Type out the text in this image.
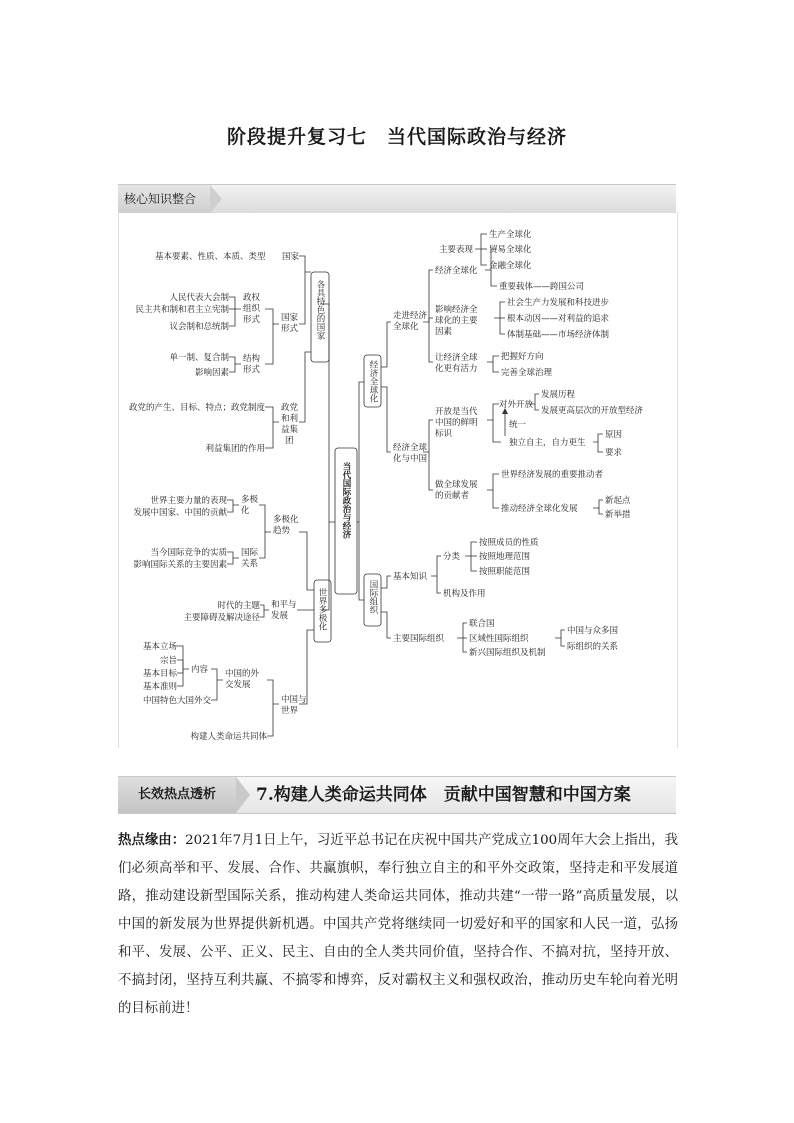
阶段提升复习七　当代国际政治与经济
核心知识整合
当代国际政治与经济
各具特色的国家
国家
基本要素、性质、本质、类型
国家形式
政权组织形式
人民代表大会制
民主共和制和君主立宪制
议会制和总统制
结构形式
单一制、复合制
影响因素
政党和利益集团
政党的产生、目标、特点；政党制度
利益集团的作用
世界多极化
多极化趋势
多极化
世界主要力量的表现
发展中国家、中国的贡献
国际关系
当今国际竞争的实质
影响国际关系的主要因素
和平与发展
时代的主题
主要障碍及解决途径
中国与世界
中国的外交发展
内容
基本立场
宗旨
基本目标
基本准则
中国特色大国外交
构建人类命运共同体
经济全球化
走进经济全球化
经济全球化
主要表现
生产全球化
贸易全球化
金融全球化
重要载体——跨国公司
影响经济全球化的主要因素
社会生产力发展和科技进步
根本动因——对利益的追求
体制基础——市场经济体制
让经济全球化更有活力
把握好方向
完善全球治理
经济全球化与中国
开放是当代中国的鲜明标识
对外开放
发展历程
发展更高层次的开放型经济
统一
独立自主，自力更生
原因
要求
做全球发展的贡献者
世界经济发展的重要推动者
推动经济全球化发展
新起点
新举措
国际组织
基本知识
分类
按照成员的性质
按照地理范围
按照职能范围
机构及作用
主要国际组织
联合国
区域性国际组织
新兴国际组织及机制
中国与众多国际组织的关系
长效热点透析	7.构建人类命运共同体　贡献中国智慧和中国方案
热点缘由：2021年7月1日上午，习近平总书记在庆祝中国共产党成立100周年大会上指出，我们必须高举和平、发展、合作、共赢旗帜，奉行独立自主的和平外交政策，坚持走和平发展道路，推动建设新型国际关系，推动构建人类命运共同体，推动共建“一带一路”高质量发展，以中国的新发展为世界提供新机遇。中国共产党将继续同一切爱好和平的国家和人民一道，弘扬和平、发展、公平、正义、民主、自由的全人类共同价值，坚持合作、不搞对抗，坚持开放、不搞封闭，坚持互利共赢、不搞零和博弈，反对霸权主义和强权政治，推动历史车轮向着光明的目标前进！
